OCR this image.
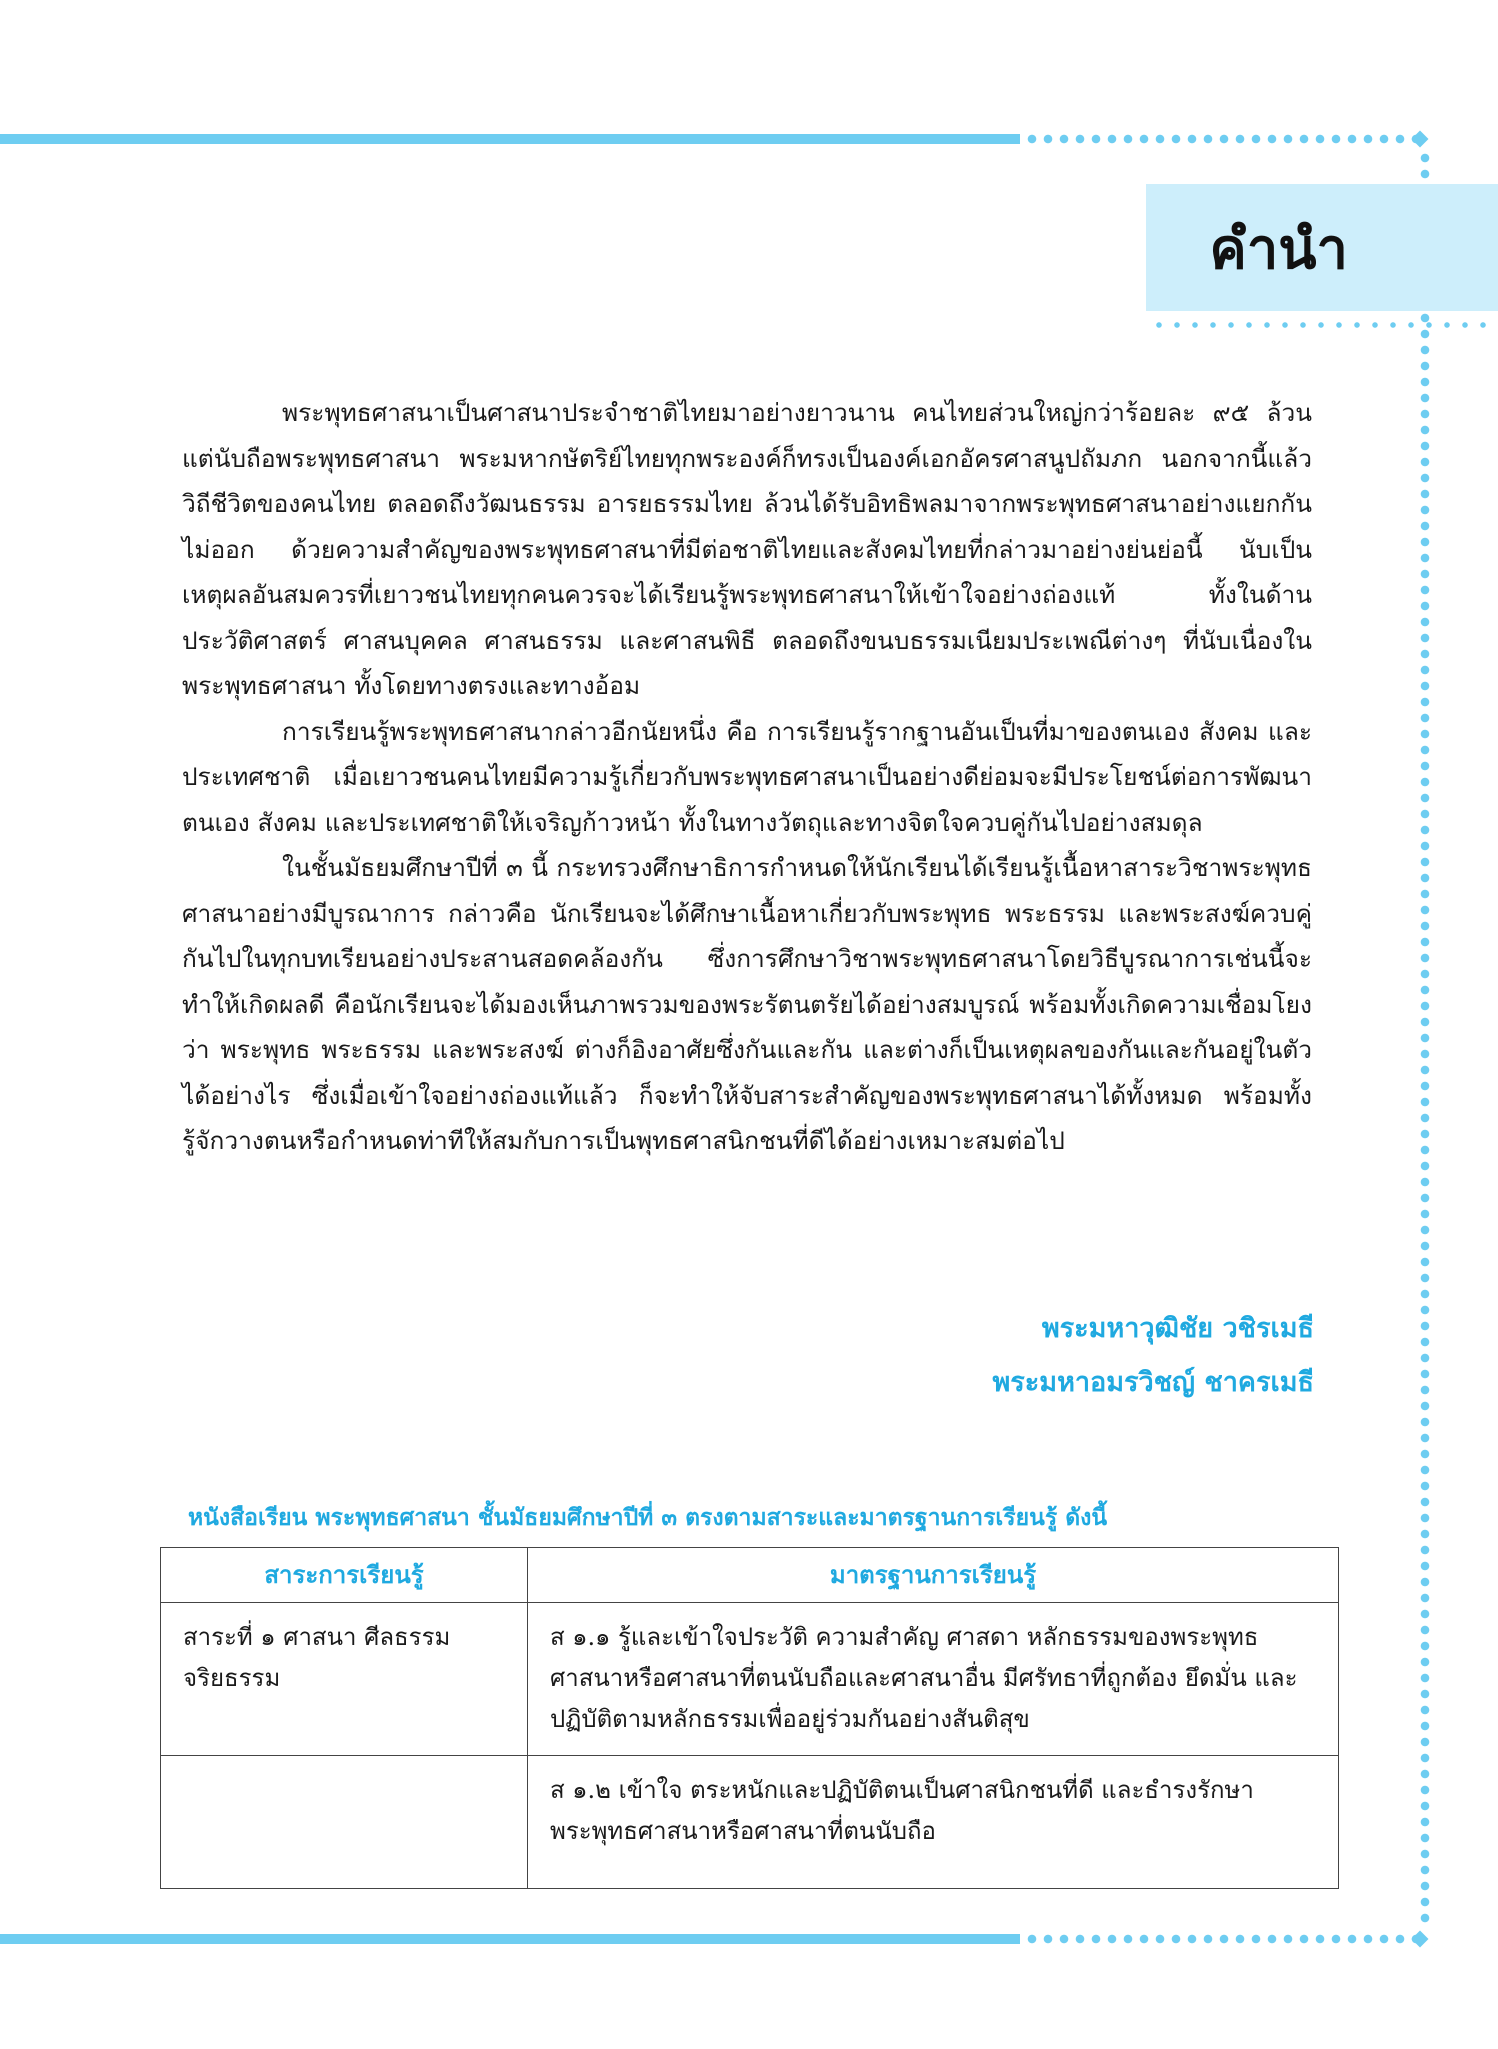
คำนำ

พระพุทธศาสนาเป็นศาสนาประจำชาติไทยมาอย่างยาวนาน คนไทยส่วนใหญ่กว่าร้อยละ ๙๕ ล้วนแต่นับถือพระพุทธศาสนา พระมหากษัตริย์ไทยทุกพระองค์ก็ทรงเป็นองค์เอกอัครศาสนูปถัมภก นอกจากนี้แล้ววิถีชีวิตของคนไทย ตลอดถึงวัฒนธรรม อารยธรรมไทย ล้วนได้รับอิทธิพลมาจากพระพุทธศาสนาอย่างแยกกันไม่ออก ด้วยความสำคัญของพระพุทธศาสนาที่มีต่อชาติไทยและสังคมไทยที่กล่าวมาอย่างย่นย่อนี้ นับเป็นเหตุผลอันสมควรที่เยาวชนไทยทุกคนควรจะได้เรียนรู้พระพุทธศาสนาให้เข้าใจอย่างถ่องแท้ ทั้งในด้านประวัติศาสตร์ ศาสนบุคคล ศาสนธรรม และศาสนพิธี ตลอดถึงขนบธรรมเนียมประเพณีต่างๆ ที่นับเนื่องในพระพุทธศาสนา ทั้งโดยทางตรงและทางอ้อม

การเรียนรู้พระพุทธศาสนากล่าวอีกนัยหนึ่ง คือ การเรียนรู้รากฐานอันเป็นที่มาของตนเอง สังคม และประเทศชาติ เมื่อเยาวชนคนไทยมีความรู้เกี่ยวกับพระพุทธศาสนาเป็นอย่างดีย่อมจะมีประโยชน์ต่อการพัฒนาตนเอง สังคม และประเทศชาติให้เจริญก้าวหน้า ทั้งในทางวัตถุและทางจิตใจควบคู่กันไปอย่างสมดุล

ในชั้นมัธยมศึกษาปีที่ ๓ นี้ กระทรวงศึกษาธิการกำหนดให้นักเรียนได้เรียนรู้เนื้อหาสาระวิชาพระพุทธศาสนาอย่างมีบูรณาการ กล่าวคือ นักเรียนจะได้ศึกษาเนื้อหาเกี่ยวกับพระพุทธ พระธรรม และพระสงฆ์ควบคู่กันไปในทุกบทเรียนอย่างประสานสอดคล้องกัน ซึ่งการศึกษาวิชาพระพุทธศาสนาโดยวิธีบูรณาการเช่นนี้จะทำให้เกิดผลดี คือนักเรียนจะได้มองเห็นภาพรวมของพระรัตนตรัยได้อย่างสมบูรณ์ พร้อมทั้งเกิดความเชื่อมโยงว่า พระพุทธ พระธรรม และพระสงฆ์ ต่างก็อิงอาศัยซึ่งกันและกัน และต่างก็เป็นเหตุผลของกันและกันอยู่ในตัวได้อย่างไร ซึ่งเมื่อเข้าใจอย่างถ่องแท้แล้ว ก็จะทำให้จับสาระสำคัญของพระพุทธศาสนาได้ทั้งหมด พร้อมทั้งรู้จักวางตนหรือกำหนดท่าทีให้สมกับการเป็นพุทธศาสนิกชนที่ดีได้อย่างเหมาะสมต่อไป

พระมหาวุฒิชัย วชิรเมธี
พระมหาอมรวิชญ์ ชาครเมธี
หนังสือเรียน พระพุทธศาสนา ชั้นมัธยมศึกษาปีที่ ๓ ตรงตามสาระและมาตรฐานการเรียนรู้ ดังนี้
สาระการเรียนรู้	มาตรฐานการเรียนรู้
สาระที่ ๑ ศาสนา ศีลธรรม จริยธรรม	ส ๑.๑ รู้และเข้าใจประวัติ ความสำคัญ ศาสดา หลักธรรมของพระพุทธศาสนาหรือศาสนาที่ตนนับถือและศาสนาอื่น มีศรัทธาที่ถูกต้อง ยึดมั่น และปฏิบัติตามหลักธรรมเพื่ออยู่ร่วมกันอย่างสันติสุข
	ส ๑.๒ เข้าใจ ตระหนักและปฏิบัติตนเป็นศาสนิกชนที่ดี และธำรงรักษาพระพุทธศาสนาหรือศาสนาที่ตนนับถือ
